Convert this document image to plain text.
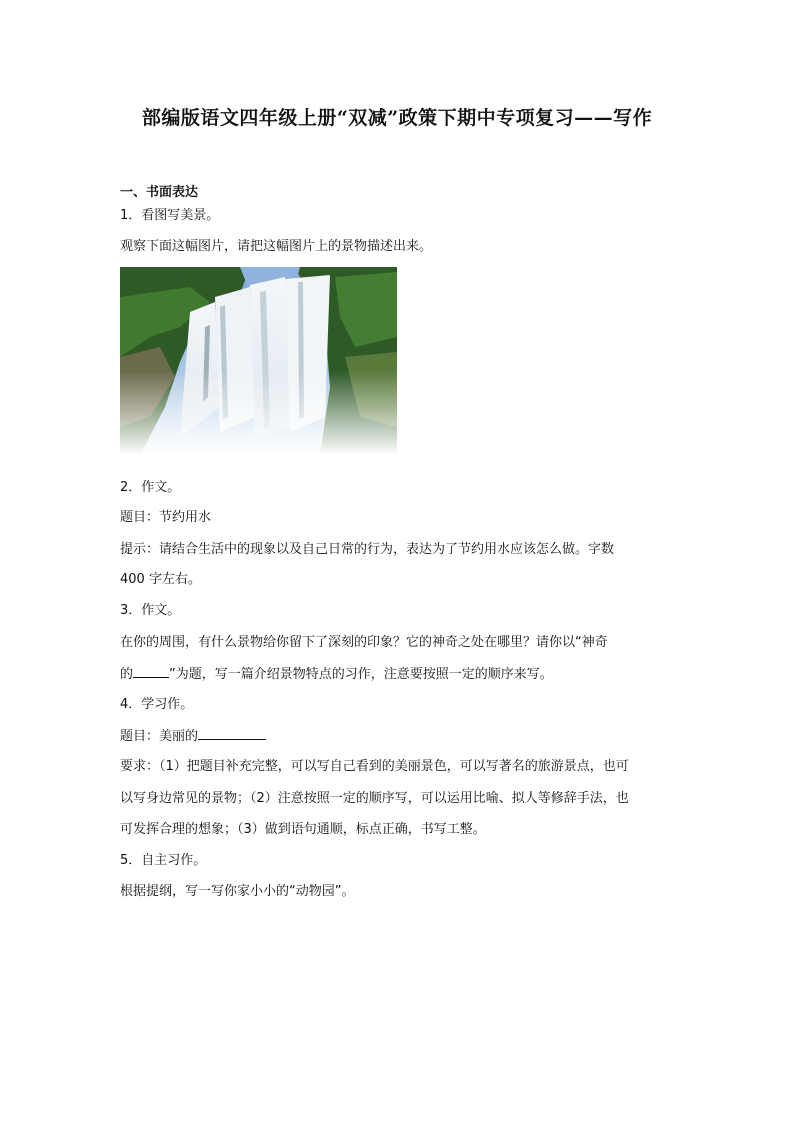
部编版语文四年级上册“双减”政策下期中专项复习——写作
一、书面表达
1．看图写美景。
观察下面这幅图片，请把这幅图片上的景物描述出来。
2．作文。
题目：节约用水
提示：请结合生活中的现象以及自己日常的行为，表达为了节约用水应该怎么做。字数
400 字左右。
3．作文。
在你的周围，有什么景物给你留下了深刻的印象？它的神奇之处在哪里？请你以“神奇
的	”为题，写一篇介绍景物特点的习作，注意要按照一定的顺序来写。
4．学习作。
题目：美丽的
要求：（1）把题目补充完整，可以写自己看到的美丽景色，可以写著名的旅游景点，也可
以写身边常见的景物；（2）注意按照一定的顺序写，可以运用比喻、拟人等修辞手法，也
可发挥合理的想象；（3）做到语句通顺，标点正确，书写工整。
5．自主习作。
根据提纲，写一写你家小小的“动物园”。
